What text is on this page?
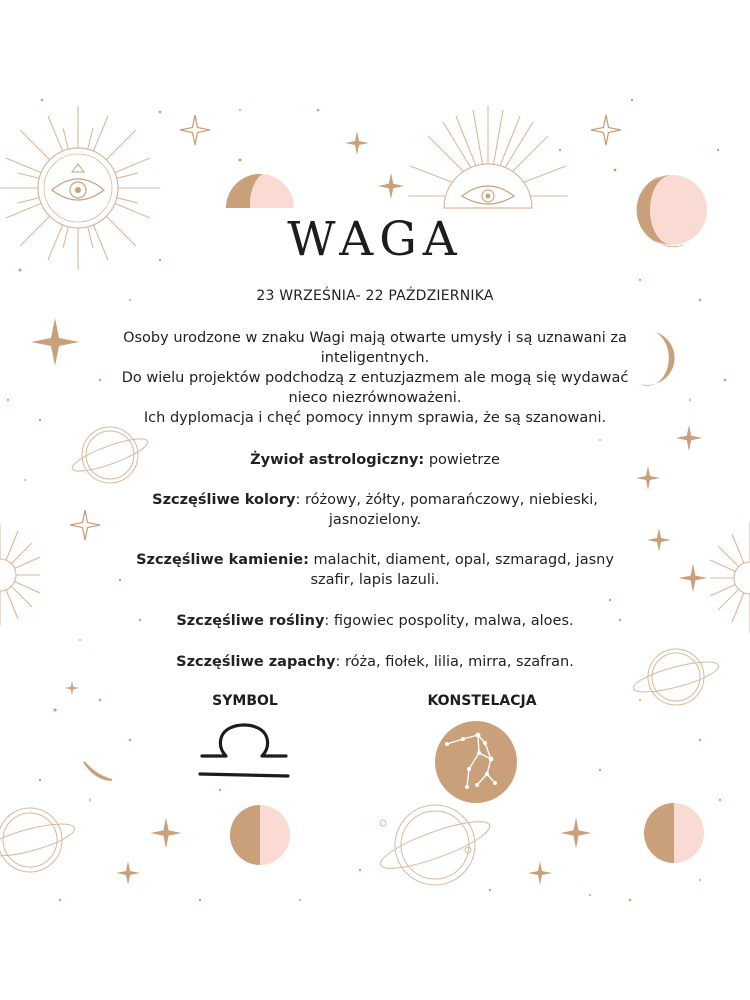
WAGA
23 WRZEŚNIA- 22 PAŹDZIERNIKA

Osoby urodzone w znaku Wagi mają otwarte umysły i są uznawani za inteligentnych.

Do wielu projektów podchodzą z entuzjazmem ale mogą się wydawać nieco niezrównoważeni.

Ich dyplomacja i chęć pomocy innym sprawia, że są szanowani.

Żywioł astrologiczny: powietrze

Szczęśliwe kolory: różowy, żółty, pomarańczowy, niebieski, jasnozielony.

Szczęśliwe kamienie: malachit, diament, opal, szmaragd, jasny szafir, lapis lazuli.

Szczęśliwe rośliny: figowiec pospolity, malwa, aloes.

Szczęśliwe zapachy: róża, fiołek, lilia, mirra, szafran.

SYMBOL	KONSTELACJA
